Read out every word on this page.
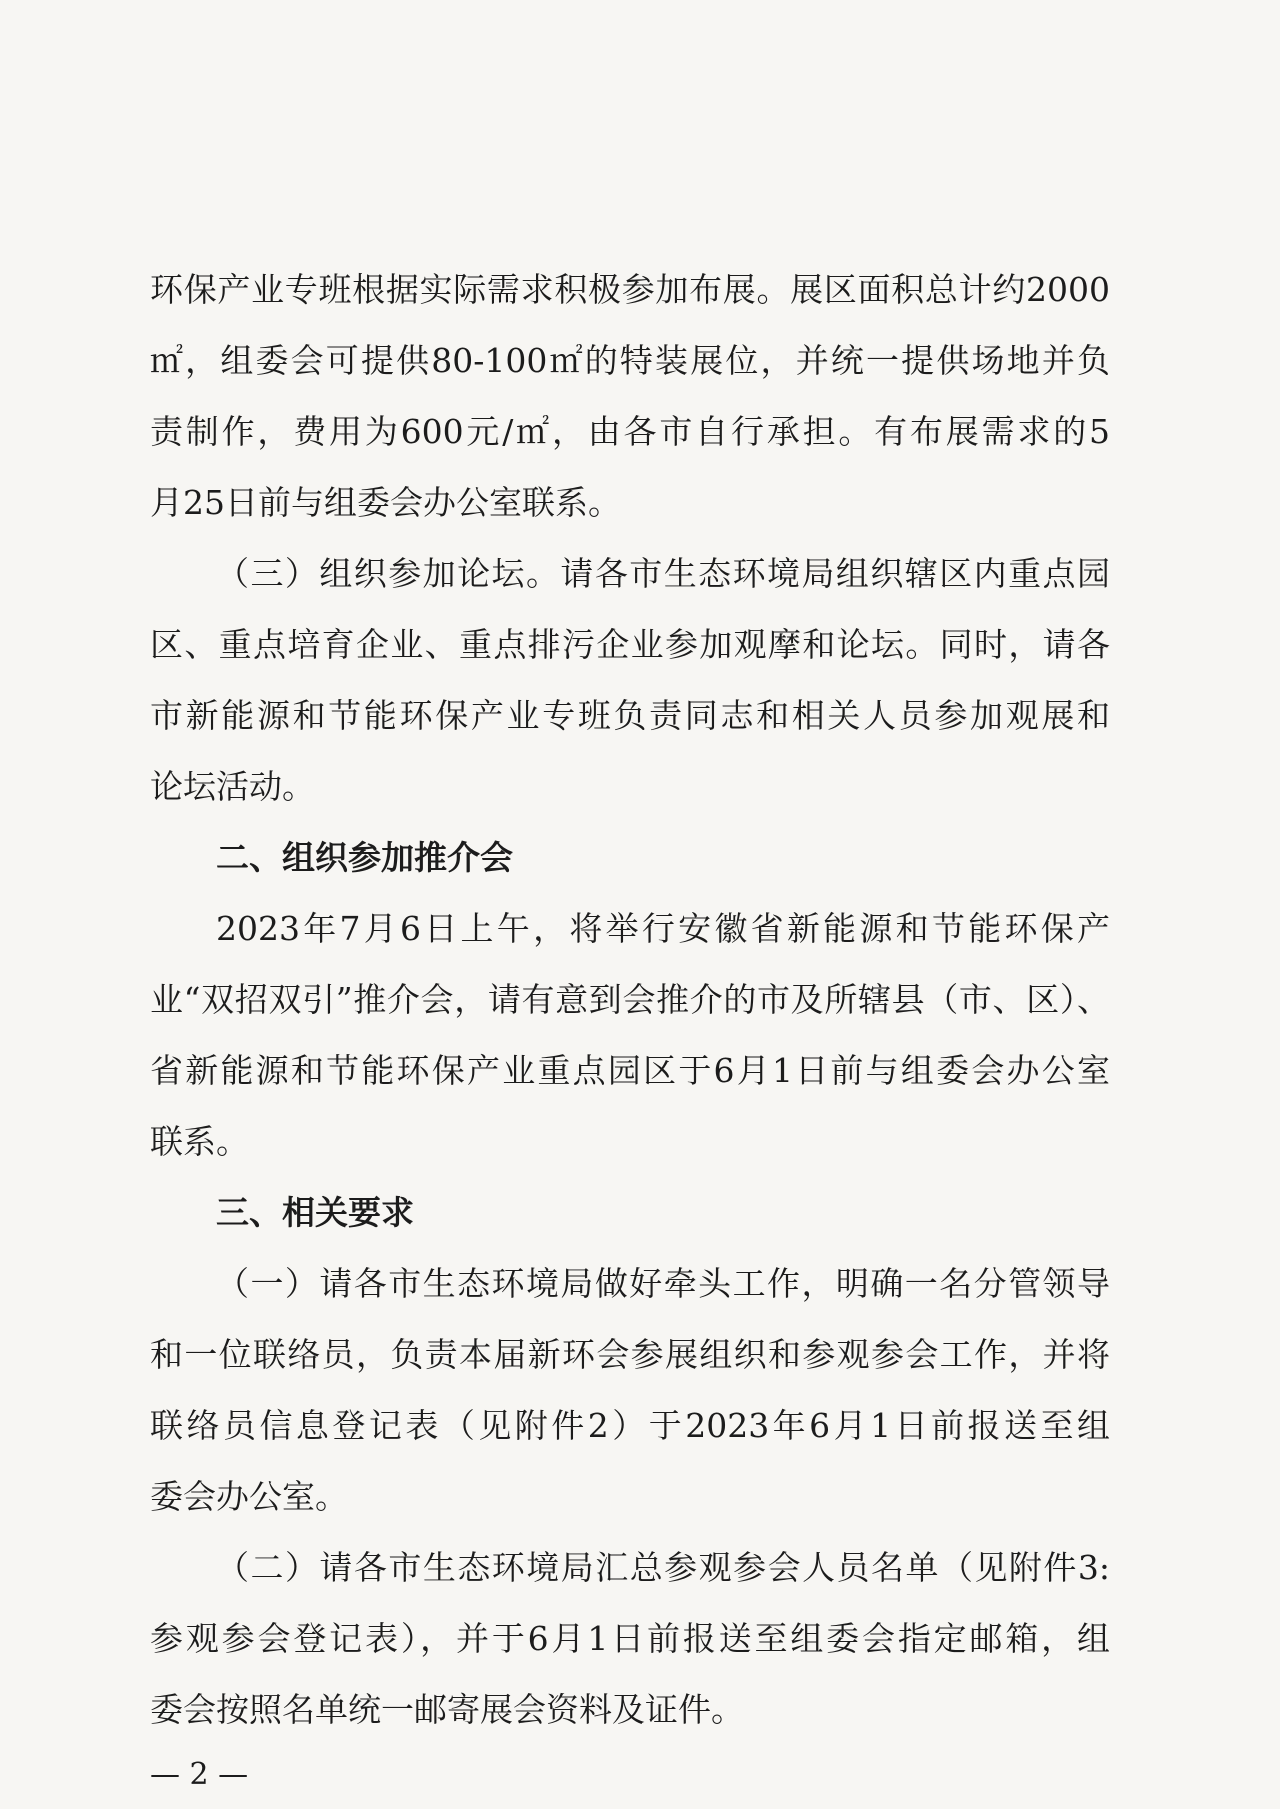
环保产业专班根据实际需求积极参加布展。展区面积总计约2000
㎡，组委会可提供80-100㎡的特装展位，并统一提供场地并负
责制作，费用为600元/㎡，由各市自行承担。有布展需求的5
月25日前与组委会办公室联系。
（三）组织参加论坛。请各市生态环境局组织辖区内重点园
区、重点培育企业、重点排污企业参加观摩和论坛。同时，请各
市新能源和节能环保产业专班负责同志和相关人员参加观展和
论坛活动。
二、组织参加推介会
2023年7月6日上午，将举行安徽省新能源和节能环保产
业“双招双引”推介会，请有意到会推介的市及所辖县（市、区）、
省新能源和节能环保产业重点园区于6月1日前与组委会办公室
联系。
三、相关要求
（一）请各市生态环境局做好牵头工作，明确一名分管领导
和一位联络员，负责本届新环会参展组织和参观参会工作，并将
联络员信息登记表（见附件2）于2023年6月1日前报送至组
委会办公室。
（二）请各市生态环境局汇总参观参会人员名单（见附件3:
参观参会登记表），并于6月1日前报送至组委会指定邮箱，组
委会按照名单统一邮寄展会资料及证件。
— 2 —
